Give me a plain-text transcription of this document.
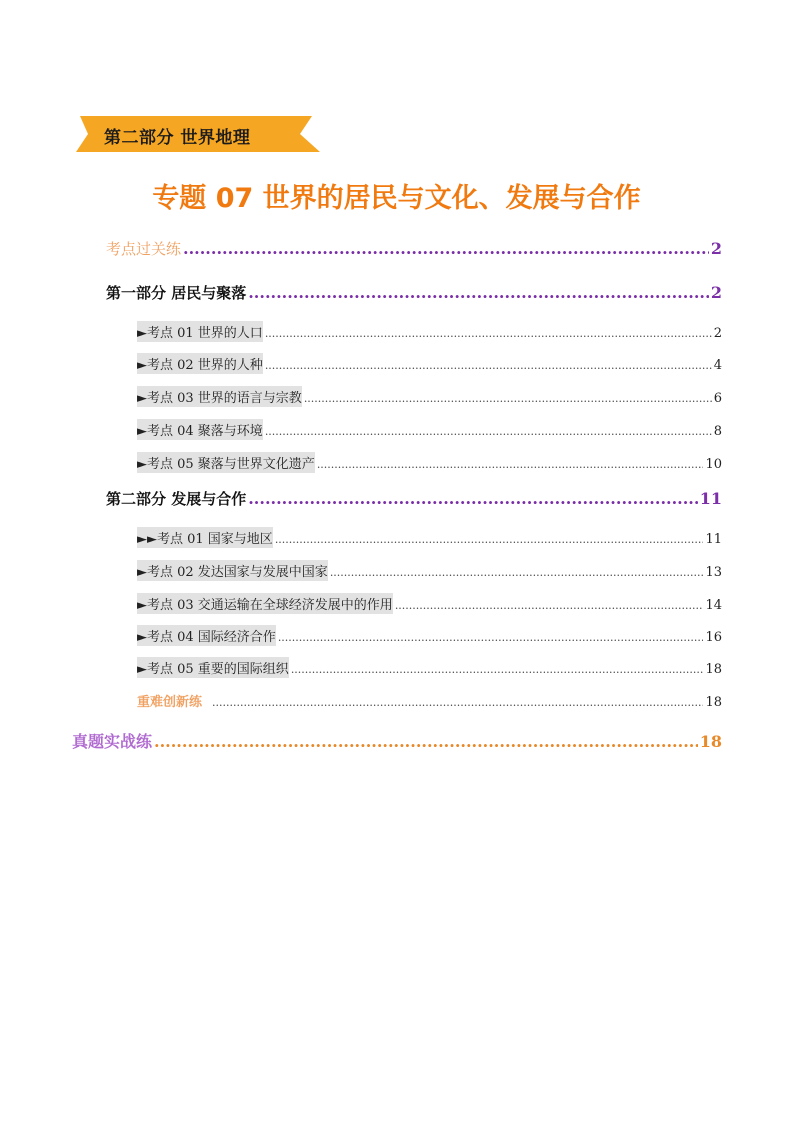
第二部分 世界地理
专题 07 世界的居民与文化、发展与合作
考点过关练 .....	2
第一部分 居民与聚落 .....	2
►考点 01 世界的人口 .....	2
►考点 02 世界的人种 .....	4
►考点 03 世界的语言与宗教 .....	6
►考点 04 聚落与环境 .....	8
►考点 05 聚落与世界文化遗产 .....	10
第二部分 发展与合作 .....	11
►►考点 01 国家与地区 .....	11
►考点 02 发达国家与发展中国家 .....	13
►考点 03 交通运输在全球经济发展中的作用 .....	14
►考点 04 国际经济合作 .....	16
►考点 05 重要的国际组织 .....	18
重难创新练 .....	18
真题实战练 .....	18
